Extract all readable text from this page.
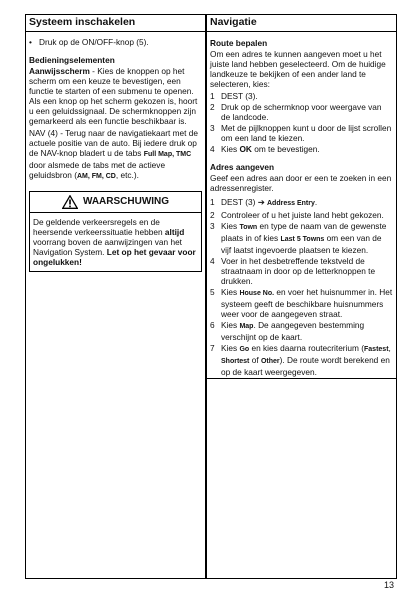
Systeem inschakelen
• Druk op de ON/OFF-knop (5).
Bedieningselementen

Aanwijsscherm - Kies de knoppen op het scherm om een keuze te bevestigen, een functie te starten of een submenu te openen. Als een knop op het scherm gekozen is, hoort u een geluidssignaal. De schermknoppen zijn gemarkeerd als een functie beschikbaar is.

NAV (4) - Terug naar de navigatiekaart met de actuele positie van de auto. Bij iedere druk op de NAV-knop bladert u de tabs Full Map, TMC door alsmede de tabs met de actieve geluidsbron (AM, FM, CD, etc.).

WAARSCHUWING
De geldende verkeersregels en de heersende verkeerssituatie hebben altijd voorrang boven de aanwijzingen van het Navigation System. Let op het gevaar voor ongelukken!
Navigatie
Route bepalen

Om een adres te kunnen aangeven moet u het juiste land hebben geselecteerd. Om de huidige landkeuze te bekijken of een ander land te selecteren, kies:

1 DEST (3).
2 Druk op de schermknop voor weergave van de landcode.
3 Met de pijlknoppen kunt u door de lijst scrollen om een land te kiezen.
4 Kies OK om te bevestigen.
Adres aangeven

Geef een adres aan door er een te zoeken in een adressenregister.

1 DEST (3) ➔ Address Entry.
2 Controleer of u het juiste land hebt gekozen.
3 Kies Town en type de naam van de gewenste plaats in of kies Last 5 Towns om een van de vijf laatst ingevoerde plaatsen te kiezen.
4 Voer in het desbetreffende tekstveld de straatnaam in door op de letterknoppen te drukken.
5 Kies House No. en voer het huisnummer in. Het systeem geeft de beschikbare huisnummers weer voor de aangegeven straat.
6 Kies Map. De aangegeven bestemming verschijnt op de kaart.
7 Kies Go en kies daarna routecriterium (Fastest, Shortest of Other). De route wordt berekend en op de kaart weergegeven.
13
